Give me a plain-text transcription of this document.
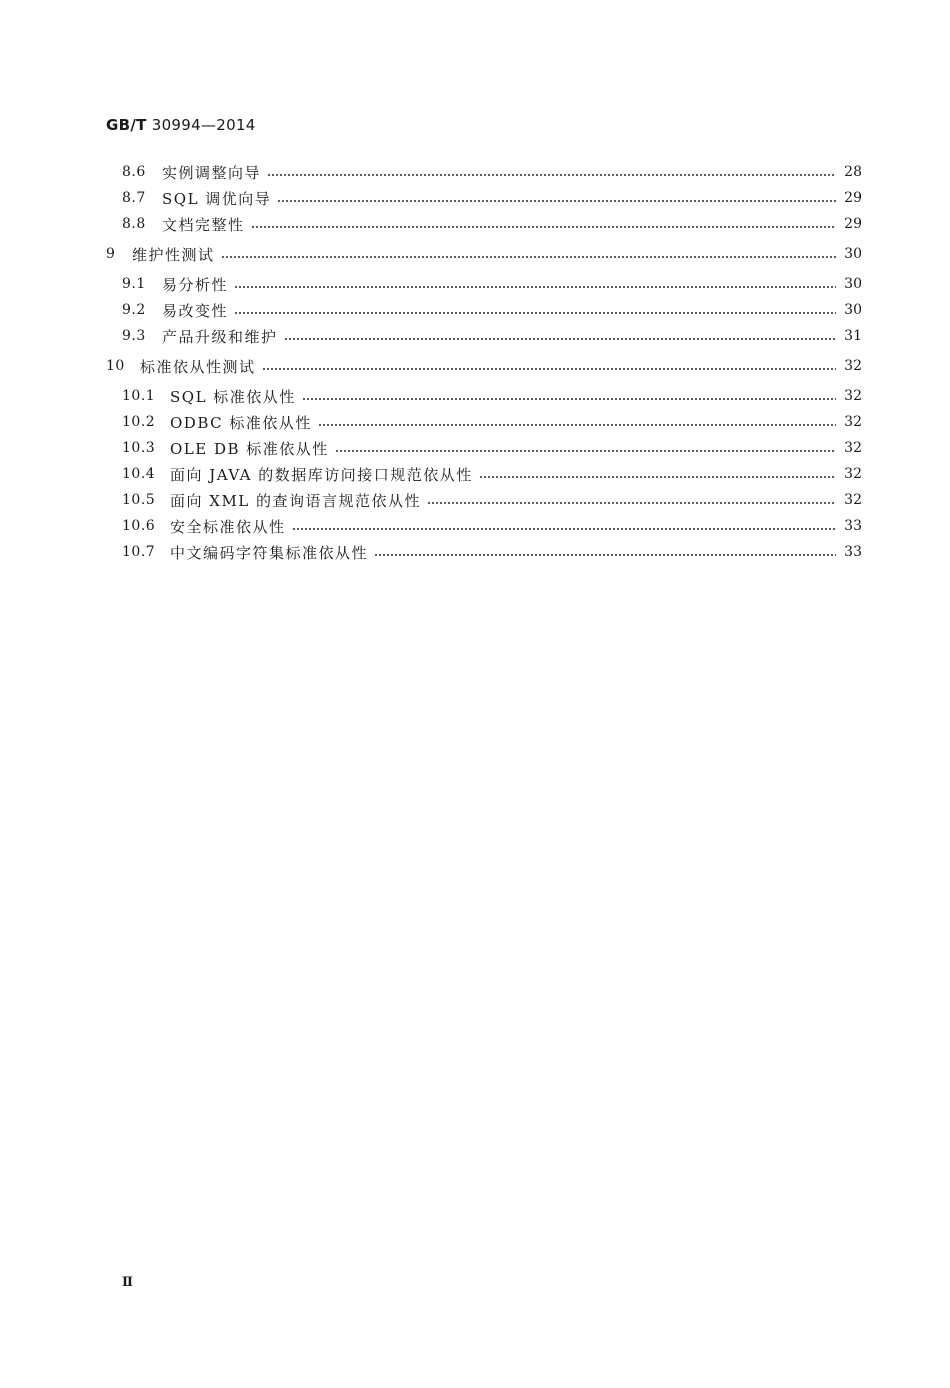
GB/T 30994—2014
8.6	实例调整向导	28
8.7	SQL 调优向导	29
8.8	文档完整性	29
9	维护性测试	30
9.1	易分析性	30
9.2	易改变性	30
9.3	产品升级和维护	31
10	标准依从性测试	32
10.1 SQL 标准依从性	32
10.2 ODBC 标准依从性	32
10.3 OLE DB 标准依从性	32
10.4 面向 JAVA 的数据库访问接口规范依从性	32
10.5 面向 XML 的查询语言规范依从性	32
10.6 安全标准依从性	33
10.7 中文编码字符集标准依从性	33
Ⅱ
